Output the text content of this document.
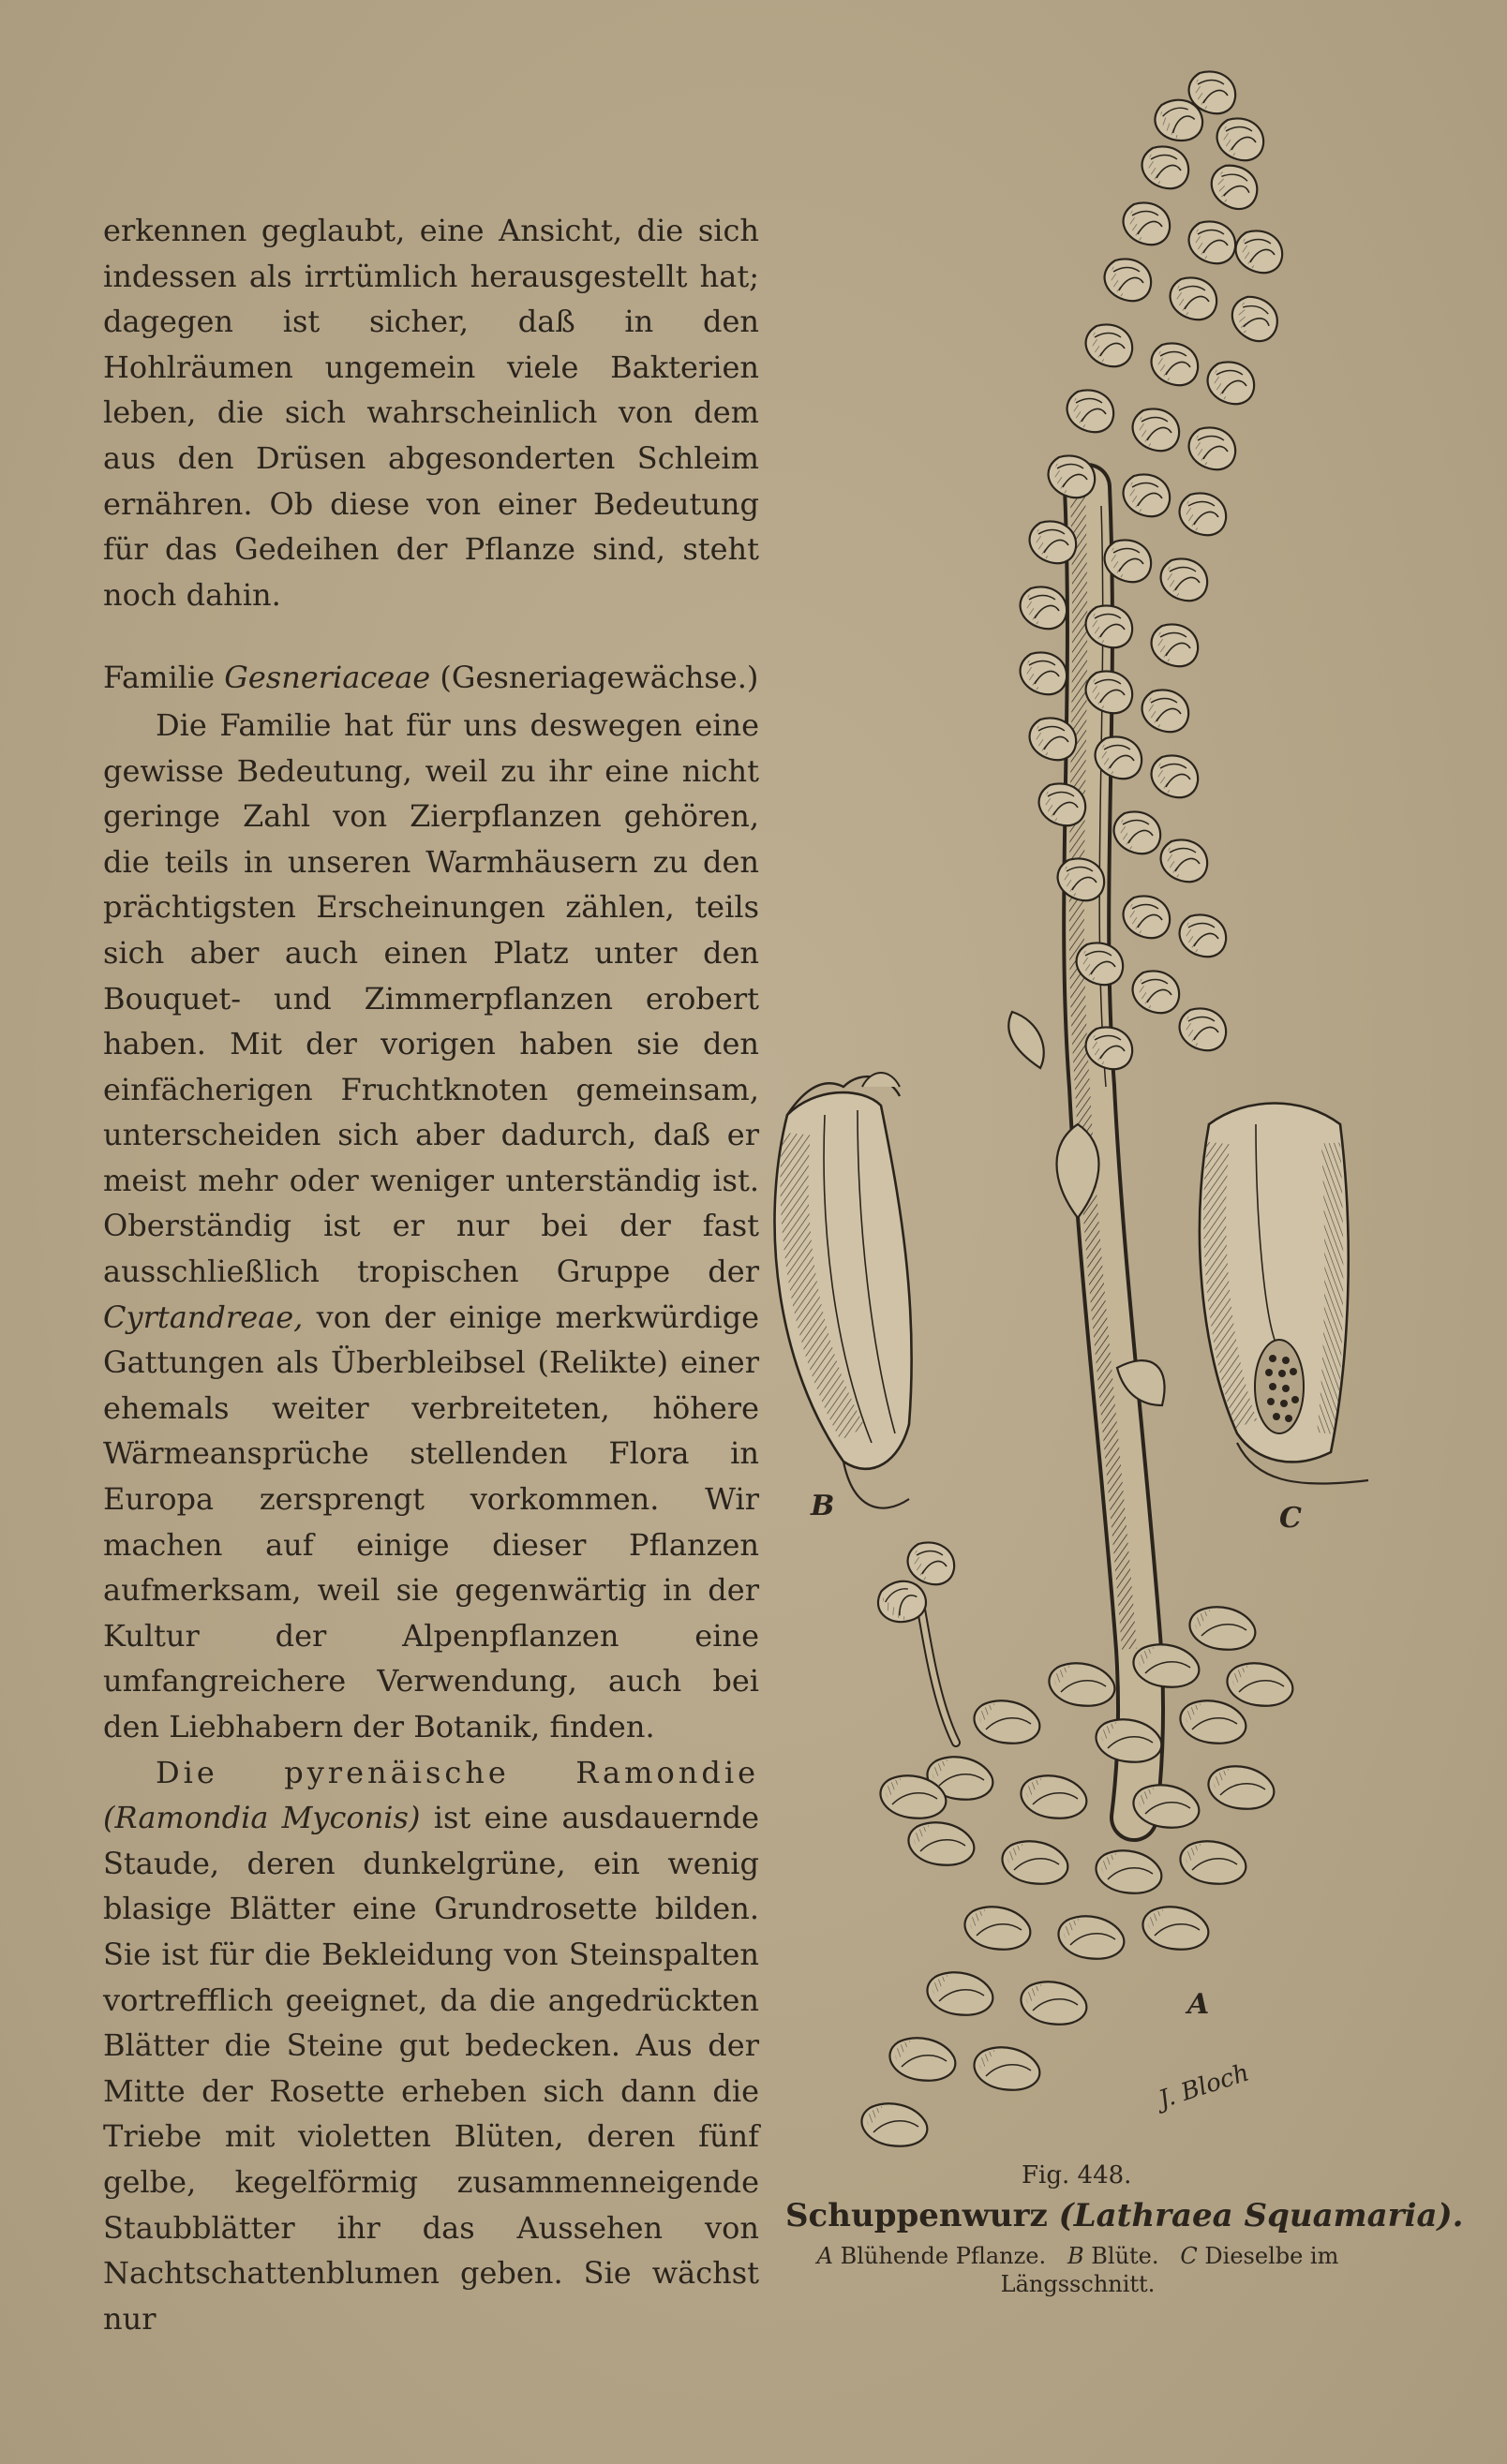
erkennen geglaubt, eine Ansicht, die sich indessen als irrtümlich herausgestellt hat; dagegen ist sicher, daß in den Hohlräumen ungemein viele Bakterien leben, die sich wahrscheinlich von dem aus den Drüsen abgesonderten Schleim ernähren. Ob diese von einer Bedeutung für das Gedeihen der Pflanze sind, steht noch dahin.

Familie Gesneriaceae (Gesneriagewächse.)

Die Familie hat für uns deswegen eine gewisse Bedeutung, weil zu ihr eine nicht geringe Zahl von Zierpflanzen gehören, die teils in unseren Warmhäusern zu den prächtigsten Erscheinungen zählen, teils sich aber auch einen Platz unter den Bouquet- und Zimmerpflanzen erobert haben. Mit der vorigen haben sie den einfächerigen Fruchtknoten gemeinsam, unterscheiden sich aber dadurch, daß er meist mehr oder weniger unterständig ist. Oberständig ist er nur bei der fast ausschließlich tropischen Gruppe der Cyrtandreae, von der einige merkwürdige Gattungen als Überbleibsel (Relikte) einer ehemals weiter verbreiteten, höhere Wärmeansprüche stellenden Flora in Europa zersprengt vorkommen. Wir machen auf einige dieser Pflanzen aufmerksam, weil sie gegenwärtig in der Kultur der Alpenpflanzen eine umfangreichere Verwendung, auch bei den Liebhabern der Botanik, finden.

Die pyrenäische Ramondie (Ramondia Myconis) ist eine ausdauernde Staude, deren dunkelgrüne, ein wenig blasige Blätter eine Grundrosette bilden. Sie ist für die Bekleidung von Steinspalten vortrefflich geeignet, da die angedrückten Blätter die Steine gut bedecken. Aus der Mitte der Rosette erheben sich dann die Triebe mit violetten Blüten, deren fünf gelbe, kegelförmig zusammenneigende Staubblätter ihr das Aussehen von Nachtschattenblumen geben. Sie wächst nur

J. Bloch
B	C
A
Fig. 448.
Schuppenwurz (Lathraea Squamaria).
A Blühende Pflanze. B Blüte. C Dieselbe im Längsschnitt.
